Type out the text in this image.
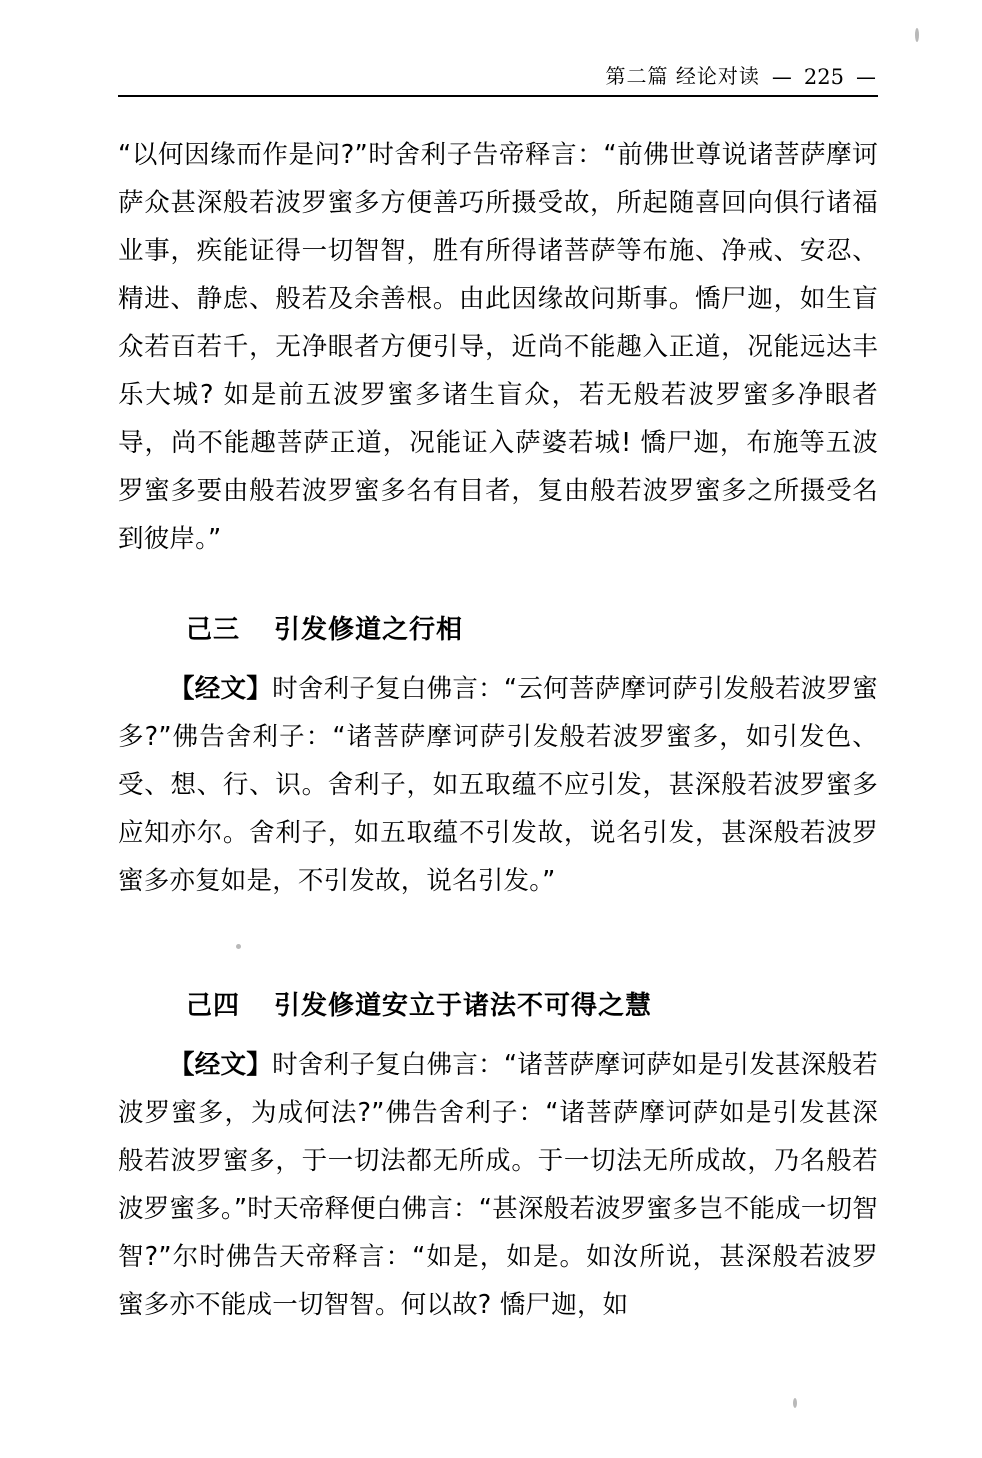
第二篇 经论对读 — 225 —

“以何因缘而作是问?”时舍利子告帝释言：“前佛世尊说诸菩萨摩诃萨众甚深般若波罗蜜多方便善巧所摄受故，所起随喜回向俱行诸福业事，疾能证得一切智智，胜有所得诸菩萨等布施、净戒、安忍、精进、静虑、般若及余善根。由此因缘故问斯事。憍尸迦，如生盲众若百若千，无净眼者方便引导，近尚不能趣入正道，况能远达丰乐大城? 如是前五波罗蜜多诸生盲众，若无般若波罗蜜多净眼者导，尚不能趣菩萨正道，况能证入萨婆若城! 憍尸迦，布施等五波罗蜜多要由般若波罗蜜多名有目者，复由般若波罗蜜多之所摄受名到彼岸。”

己三 引发修道之行相

【经文】时舍利子复白佛言：“云何菩萨摩诃萨引发般若波罗蜜多?”佛告舍利子：“诸菩萨摩诃萨引发般若波罗蜜多，如引发色、受、想、行、识。舍利子，如五取蕴不应引发，甚深般若波罗蜜多应知亦尔。舍利子，如五取蕴不引发故，说名引发，甚深般若波罗蜜多亦复如是，不引发故，说名引发。”

己四 引发修道安立于诸法不可得之慧

【经文】时舍利子复白佛言：“诸菩萨摩诃萨如是引发甚深般若波罗蜜多，为成何法?”佛告舍利子：“诸菩萨摩诃萨如是引发甚深般若波罗蜜多，于一切法都无所成。于一切法无所成故，乃名般若波罗蜜多。”时天帝释便白佛言：“甚深般若波罗蜜多岂不能成一切智智?”尔时佛告天帝释言：“如是，如是。如汝所说，甚深般若波罗蜜多亦不能成一切智智。何以故? 憍尸迦，如
